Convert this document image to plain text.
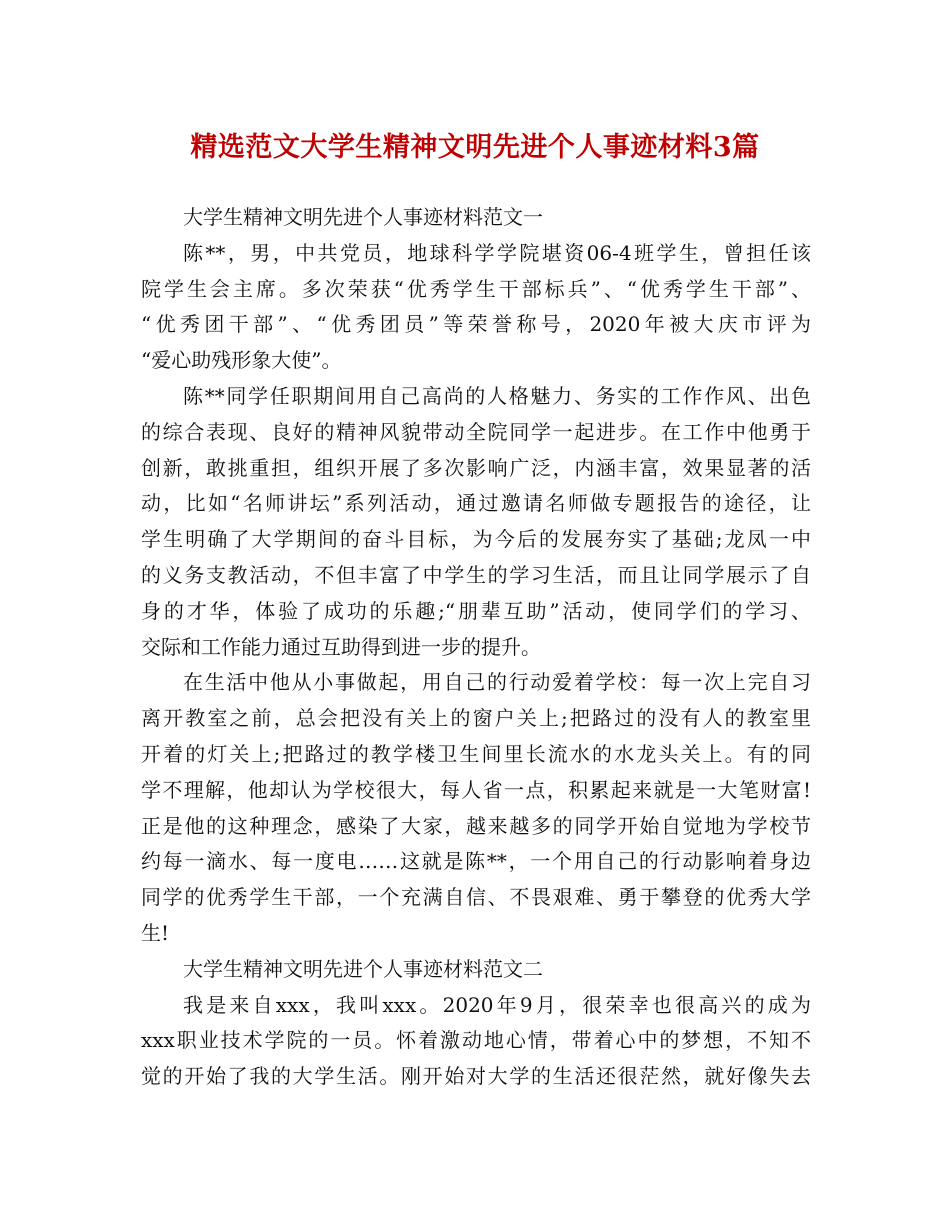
精选范文大学生精神文明先进个人事迹材料3篇
大学生精神文明先进个人事迹材料范文一
陈**，男，中共党员，地球科学学院堪资06-4班学生，曾担任该
院学生会主席。多次荣获“优秀学生干部标兵”、“优秀学生干部”、
“优秀团干部”、“优秀团员”等荣誉称号，2020年被大庆市评为
“爱心助残形象大使”。
陈**同学任职期间用自己高尚的人格魅力、务实的工作作风、出色
的综合表现、良好的精神风貌带动全院同学一起进步。在工作中他勇于
创新，敢挑重担，组织开展了多次影响广泛，内涵丰富，效果显著的活
动，比如“名师讲坛”系列活动，通过邀请名师做专题报告的途径，让
学生明确了大学期间的奋斗目标，为今后的发展夯实了基础;龙凤一中
的义务支教活动，不但丰富了中学生的学习生活，而且让同学展示了自
身的才华，体验了成功的乐趣;“朋辈互助”活动，使同学们的学习、
交际和工作能力通过互助得到进一步的提升。
在生活中他从小事做起，用自己的行动爱着学校：每一次上完自习
离开教室之前，总会把没有关上的窗户关上;把路过的没有人的教室里
开着的灯关上;把路过的教学楼卫生间里长流水的水龙头关上。有的同
学不理解，他却认为学校很大，每人省一点，积累起来就是一大笔财富!
正是他的这种理念，感染了大家，越来越多的同学开始自觉地为学校节
约每一滴水、每一度电……这就是陈**，一个用自己的行动影响着身边
同学的优秀学生干部，一个充满自信、不畏艰难、勇于攀登的优秀大学
生!
大学生精神文明先进个人事迹材料范文二
我是来自xxx，我叫xxx。2020年9月，很荣幸也很高兴的成为
xxx职业技术学院的一员。怀着激动地心情，带着心中的梦想，不知不
觉的开始了我的大学生活。刚开始对大学的生活还很茫然，就好像失去
